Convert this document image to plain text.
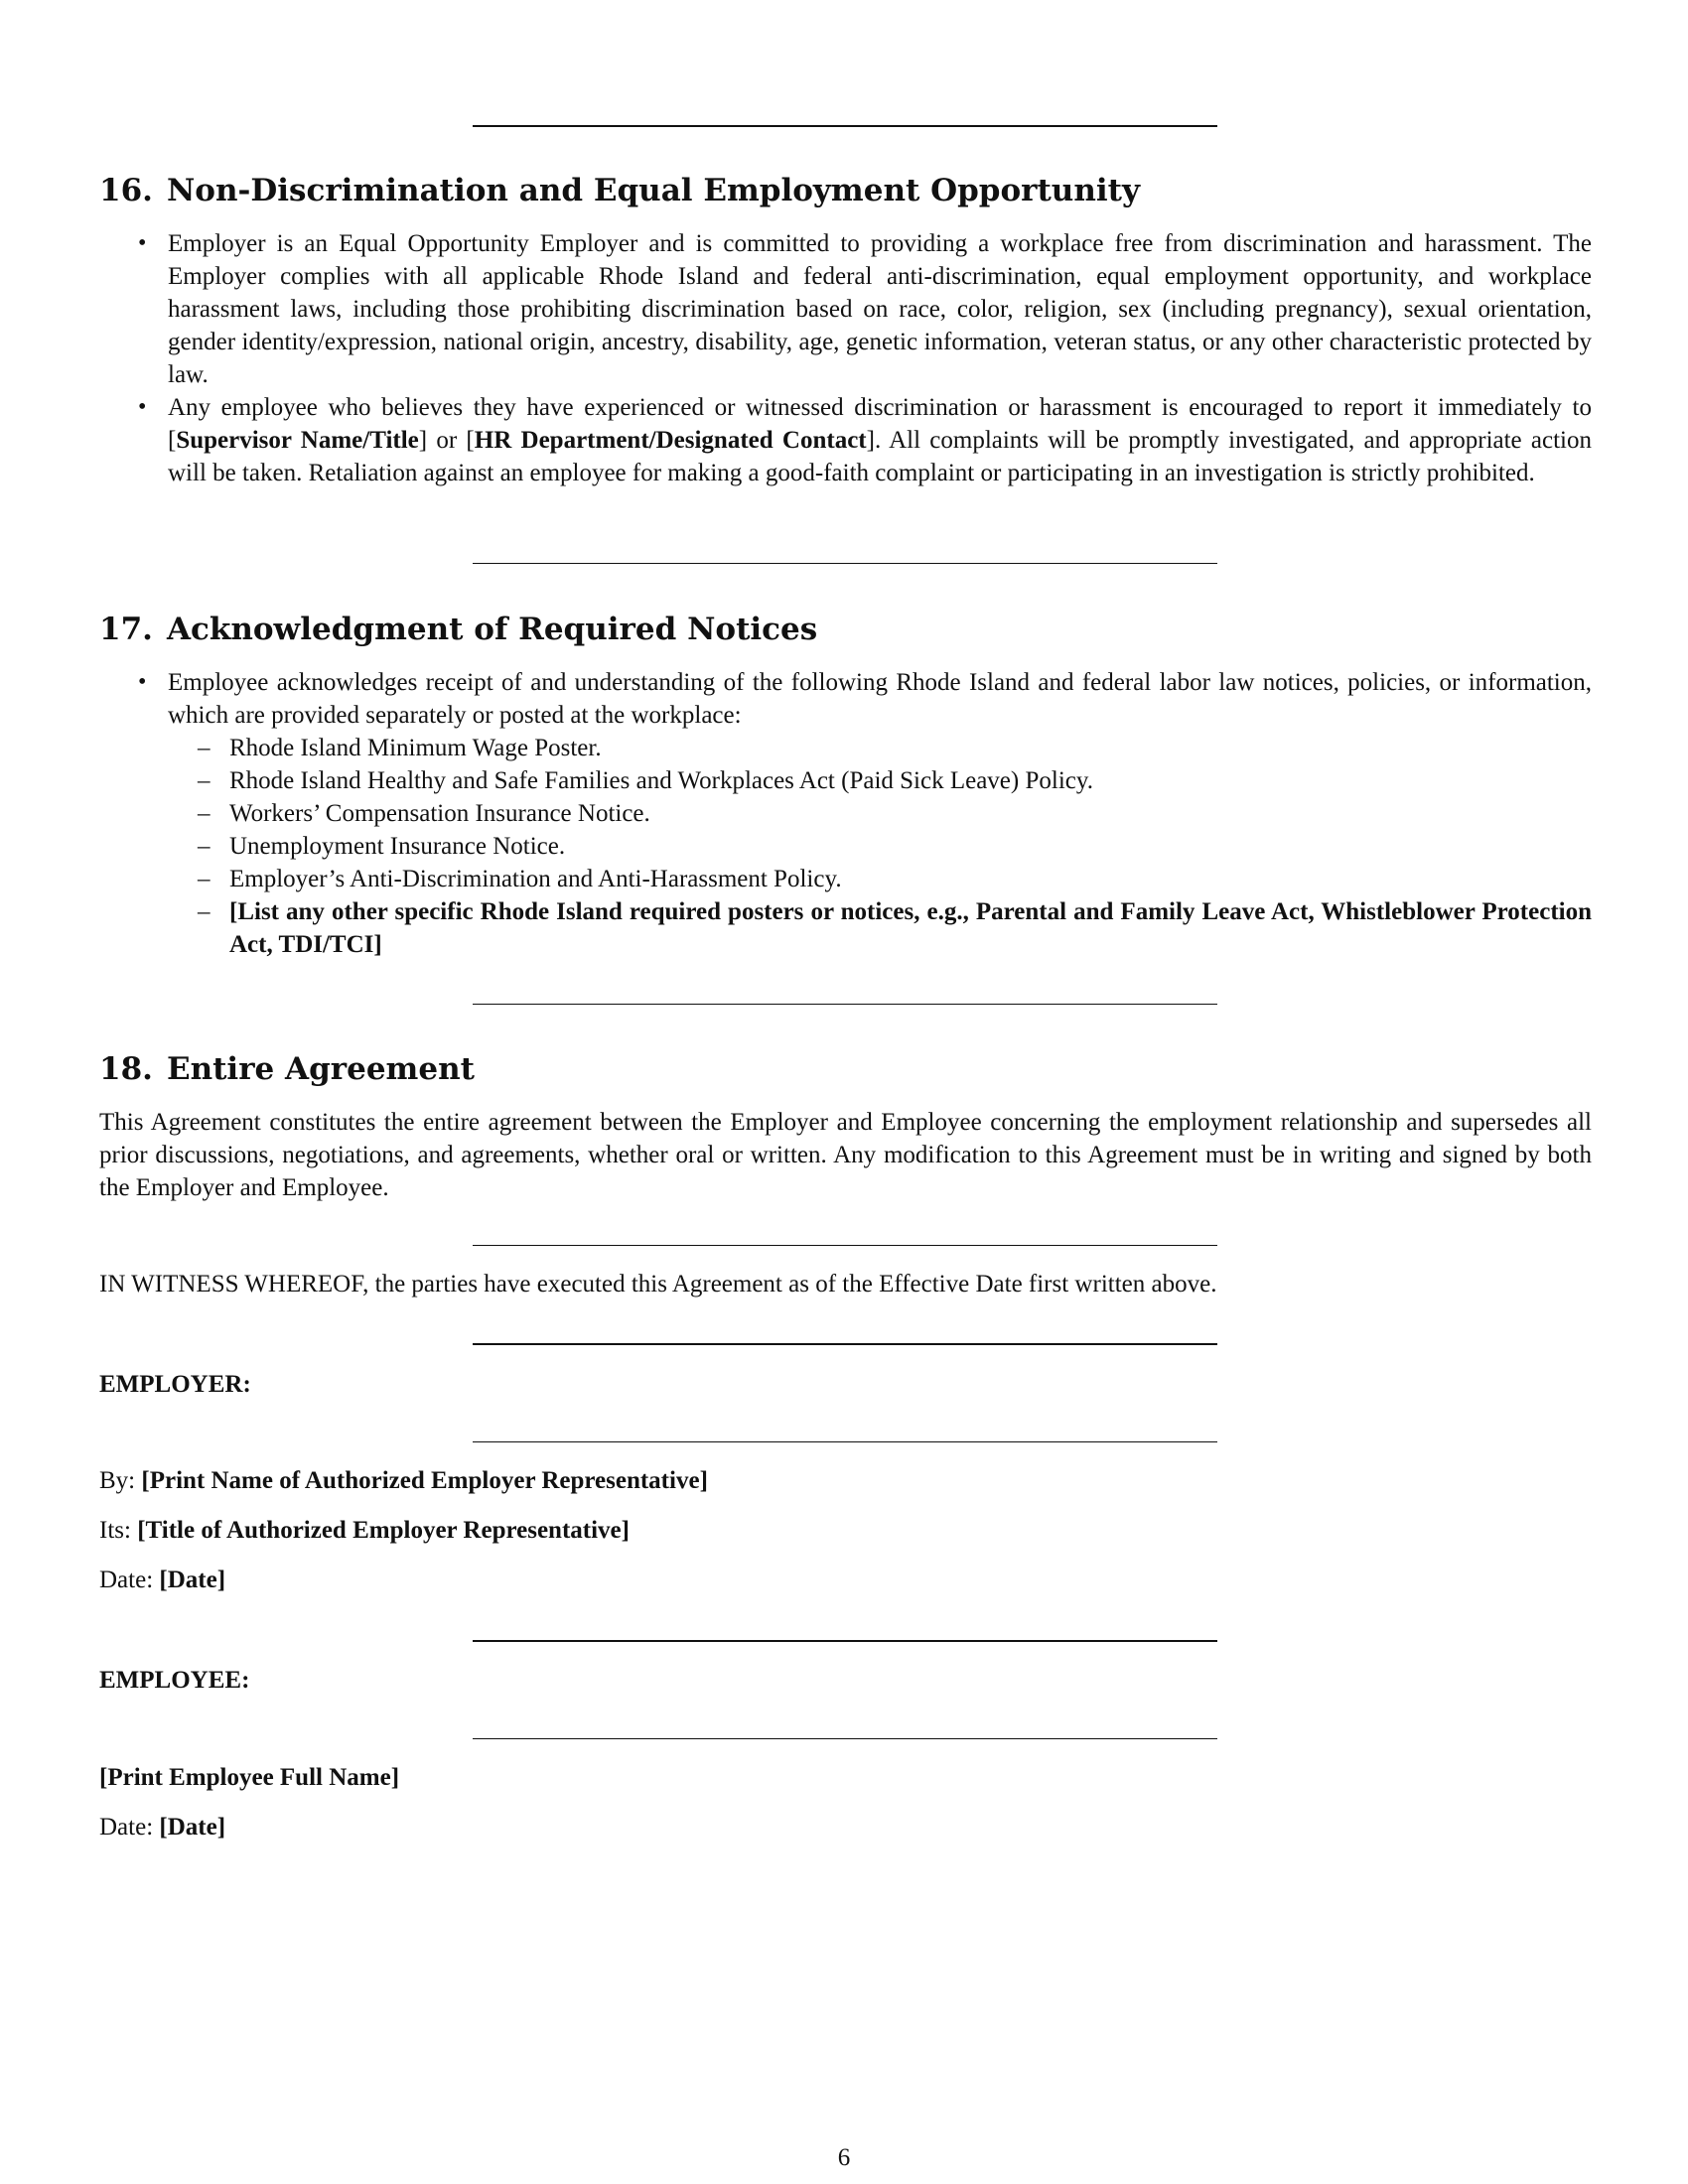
16. Non-Discrimination and Equal Employment Opportunity
• Employer is an Equal Opportunity Employer and is committed to providing a workplace free from discrimination and harassment. The Employer complies with all applicable Rhode Island and federal anti-discrimination, equal employment opportunity, and workplace harassment laws, including those prohibiting discrimination based on race, color, religion, sex (including pregnancy), sexual orientation, gender identity/expression, national origin, ancestry, disability, age, genetic information, veteran status, or any other characteristic protected by law.
• Any employee who believes they have experienced or witnessed discrimination or harassment is encouraged to report it immediately to [Supervisor Name/Title] or [HR Department/Designated Contact]. All complaints will be promptly investigated, and appropriate action will be taken. Retaliation against an employee for making a good-faith complaint or participating in an investigation is strictly prohibited.
17. Acknowledgment of Required Notices
• Employee acknowledges receipt of and understanding of the following Rhode Island and federal labor law notices, policies, or information, which are provided separately or posted at the workplace:
– Rhode Island Minimum Wage Poster.
– Rhode Island Healthy and Safe Families and Workplaces Act (Paid Sick Leave) Policy.
– Workers’ Compensation Insurance Notice.
– Unemployment Insurance Notice.
– Employer’s Anti-Discrimination and Anti-Harassment Policy.
– [List any other specific Rhode Island required posters or notices, e.g., Parental and Family Leave Act, Whistleblower Protection Act, TDI/TCI]
18. Entire Agreement

This Agreement constitutes the entire agreement between the Employer and Employee concerning the employment relationship and supersedes all prior discussions, negotiations, and agreements, whether oral or written. Any modification to this Agreement must be in writing and signed by both the Employer and Employee.

IN WITNESS WHEREOF, the parties have executed this Agreement as of the Effective Date first written above.

EMPLOYER:

By: [Print Name of Authorized Employer Representative]

Its: [Title of Authorized Employer Representative]

Date: [Date]

EMPLOYEE:

[Print Employee Full Name]

Date: [Date]

6
